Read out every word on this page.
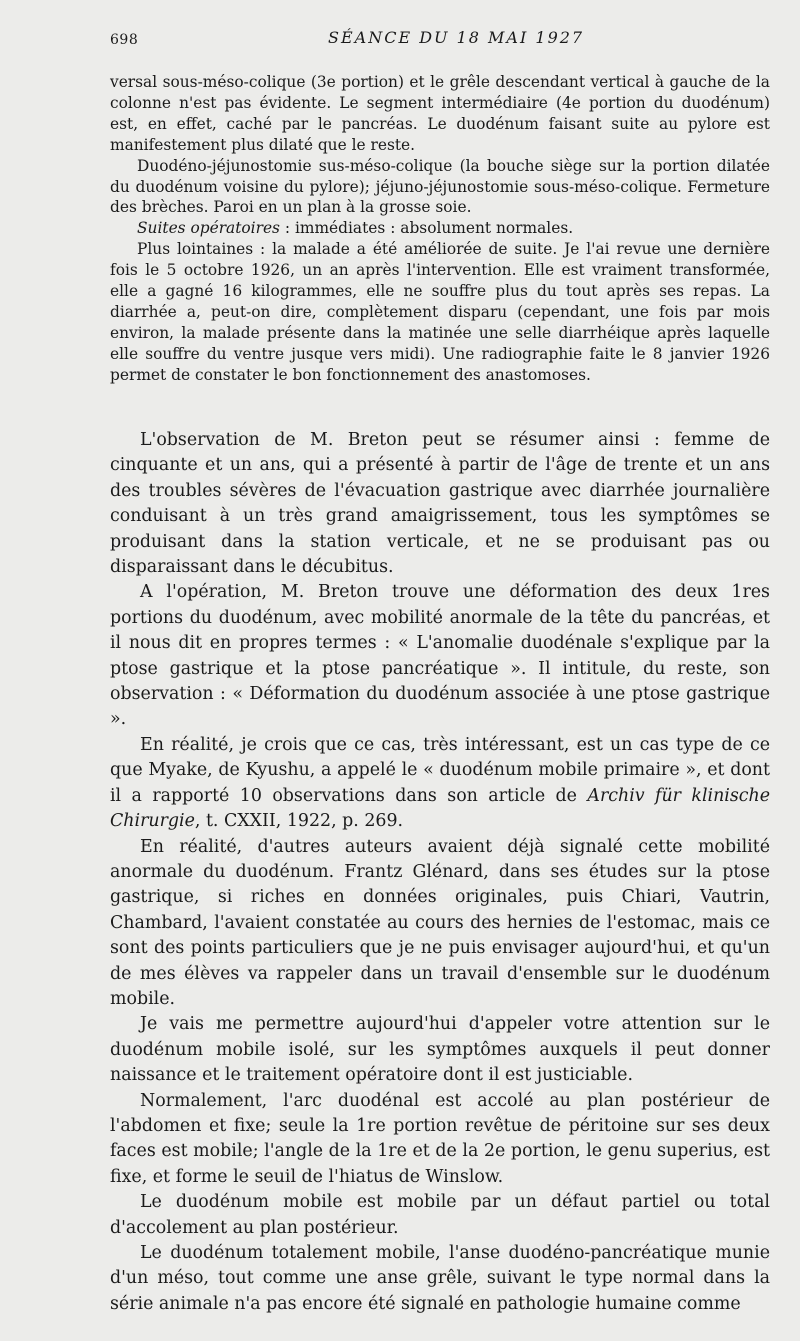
698	SÉANCE DU 18 MAI 1927

versal sous-méso-colique (3e portion) et le grêle descendant vertical à gauche de la colonne n'est pas évidente. Le segment intermédiaire (4e portion du duodénum) est, en effet, caché par le pancréas. Le duodénum faisant suite au pylore est manifestement plus dilaté que le reste.

Duodéno-jéjunostomie sus-méso-colique (la bouche siège sur la portion dilatée du duodénum voisine du pylore); jéjuno-jéjunostomie sous-méso-colique. Fermeture des brèches. Paroi en un plan à la grosse soie.

Suites opératoires : immédiates : absolument normales.

Plus lointaines : la malade a été améliorée de suite. Je l'ai revue une dernière fois le 5 octobre 1926, un an après l'intervention. Elle est vraiment transformée, elle a gagné 16 kilogrammes, elle ne souffre plus du tout après ses repas. La diarrhée a, peut-on dire, complètement disparu (cependant, une fois par mois environ, la malade présente dans la matinée une selle diarrhéique après laquelle elle souffre du ventre jusque vers midi). Une radiographie faite le 8 janvier 1926 permet de constater le bon fonctionnement des anastomoses.

L'observation de M. Breton peut se résumer ainsi : femme de cinquante et un ans, qui a présenté à partir de l'âge de trente et un ans des troubles sévères de l'évacuation gastrique avec diarrhée journalière conduisant à un très grand amaigrissement, tous les symptômes se produisant dans la station verticale, et ne se produisant pas ou disparaissant dans le décubitus.

A l'opération, M. Breton trouve une déformation des deux 1res portions du duodénum, avec mobilité anormale de la tête du pancréas, et il nous dit en propres termes : « L'anomalie duodénale s'explique par la ptose gastrique et la ptose pancréatique ». Il intitule, du reste, son observation : « Déformation du duodénum associée à une ptose gastrique ».

En réalité, je crois que ce cas, très intéressant, est un cas type de ce que Myake, de Kyushu, a appelé le « duodénum mobile primaire », et dont il a rapporté 10 observations dans son article de Archiv für klinische Chirurgie, t. CXXII, 1922, p. 269.

En réalité, d'autres auteurs avaient déjà signalé cette mobilité anormale du duodénum. Frantz Glénard, dans ses études sur la ptose gastrique, si riches en données originales, puis Chiari, Vautrin, Chambard, l'avaient constatée au cours des hernies de l'estomac, mais ce sont des points particuliers que je ne puis envisager aujourd'hui, et qu'un de mes élèves va rappeler dans un travail d'ensemble sur le duodénum mobile.

Je vais me permettre aujourd'hui d'appeler votre attention sur le duodénum mobile isolé, sur les symptômes auxquels il peut donner naissance et le traitement opératoire dont il est justiciable.

Normalement, l'arc duodénal est accolé au plan postérieur de l'abdomen et fixe; seule la 1re portion revêtue de péritoine sur ses deux faces est mobile; l'angle de la 1re et de la 2e portion, le genu superius, est fixe, et forme le seuil de l'hiatus de Winslow.

Le duodénum mobile est mobile par un défaut partiel ou total d'accolement au plan postérieur.

Le duodénum totalement mobile, l'anse duodéno-pancréatique munie d'un méso, tout comme une anse grêle, suivant le type normal dans la série animale n'a pas encore été signalé en pathologie humaine comme
